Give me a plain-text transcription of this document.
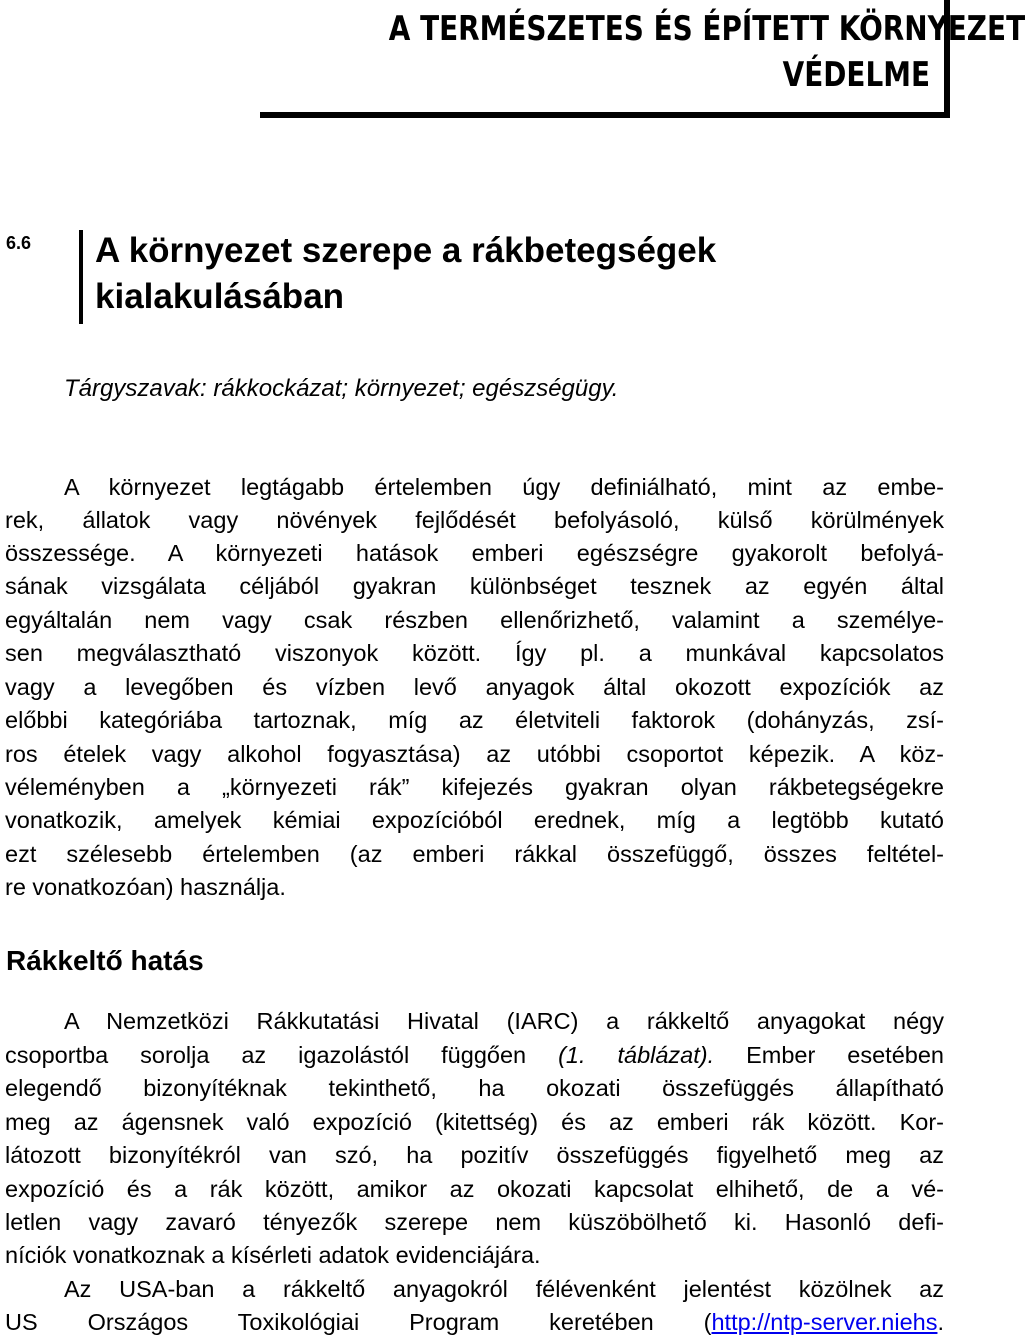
A TERMÉSZETES ÉS ÉPÍTETT KÖRNYEZET
VÉDELME
6.6 A környezet szerepe a rákbetegségek
kialakulásában
Tárgyszavak: rákkockázat; környezet; egészségügy.
A környezet legtágabb értelemben úgy definiálható, mint az embe-
rek, állatok vagy növények fejlődését befolyásoló, külső körülmények
összessége. A környezeti hatások emberi egészségre gyakorolt befolyá-
sának vizsgálata céljából gyakran különbséget tesznek az egyén által
egyáltalán nem vagy csak részben ellenőrizhető, valamint a személye-
sen megválasztható viszonyok között. Így pl. a munkával kapcsolatos
vagy a levegőben és vízben levő anyagok által okozott expozíciók az
előbbi kategóriába tartoznak, míg az életviteli faktorok (dohányzás, zsí-
ros ételek vagy alkohol fogyasztása) az utóbbi csoportot képezik. A köz-
véleményben a „környezeti rák” kifejezés gyakran olyan rákbetegségekre
vonatkozik, amelyek kémiai expozícióból erednek, míg a legtöbb kutató
ezt szélesebb értelemben (az emberi rákkal összefüggő, összes feltétel-
re vonatkozóan) használja.
Rákkeltő hatás
A Nemzetközi Rákkutatási Hivatal (IARC) a rákkeltő anyagokat négy
csoportba sorolja az igazolástól függően (1. táblázat). Ember esetében
elegendő bizonyítéknak tekinthető, ha okozati összefüggés állapítható
meg az ágensnek való expozíció (kitettség) és az emberi rák között. Kor-
látozott bizonyítékról van szó, ha pozitív összefüggés figyelhető meg az
expozíció és a rák között, amikor az okozati kapcsolat elhihető, de a vé-
letlen vagy zavaró tényezők szerepe nem küszöbölhető ki. Hasonló defi-
níciók vonatkoznak a kísérleti adatok evidenciájára.
Az USA-ban a rákkeltő anyagokról félévenként jelentést közölnek az
US Országos Toxikológiai Program keretében (http://ntp-server.niehs.
